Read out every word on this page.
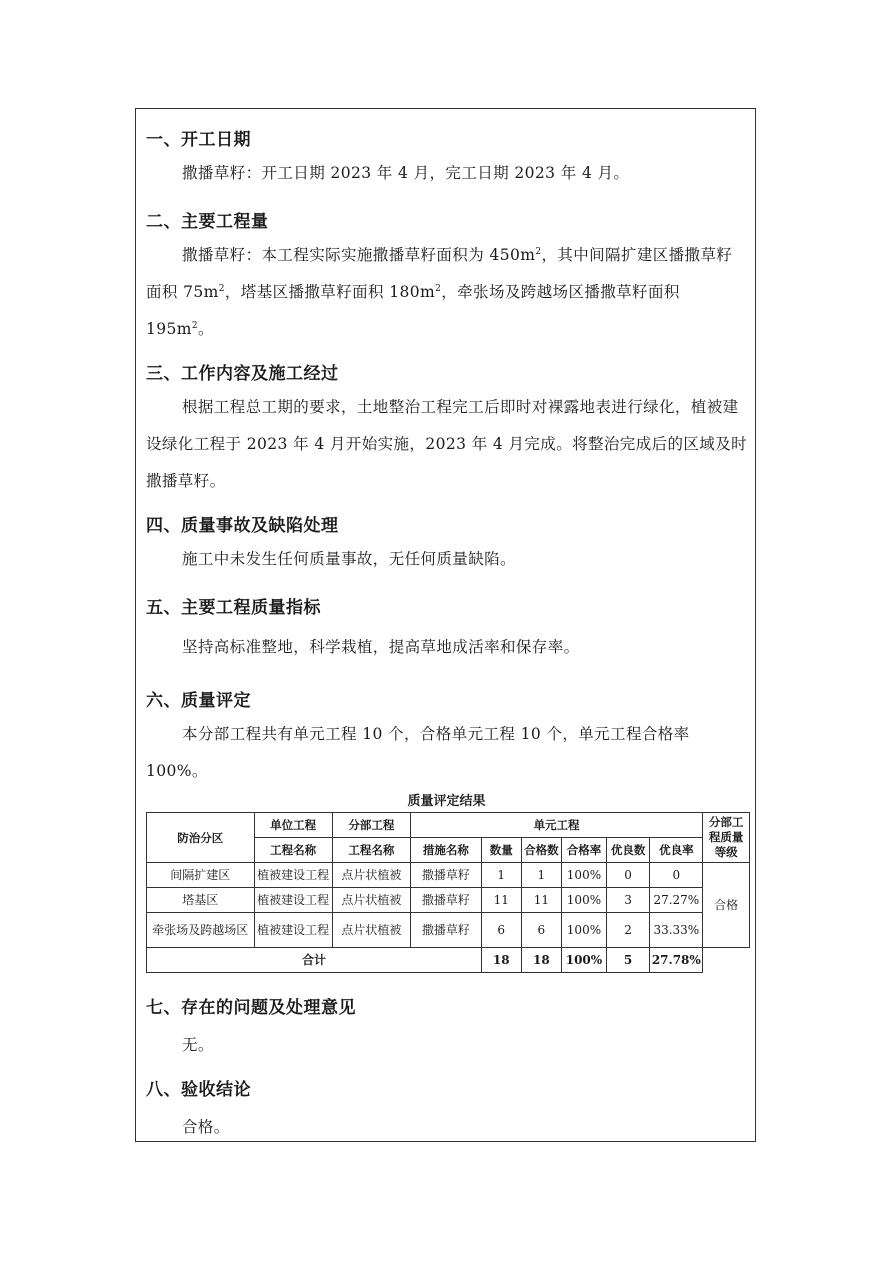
一、开工日期

撒播草籽：开工日期 2023 年 4 月，完工日期 2023 年 4 月。

二、主要工程量

撒播草籽：本工程实际实施撒播草籽面积为 $450m^2$，其中间隔扩建区播撒草籽面积 $75m^2$，塔基区播撒草籽面积 $180m^2$，牵张场及跨越场区播撒草籽面积 $195m^2$。

三、工作内容及施工经过

根据工程总工期的要求，土地整治工程完工后即时对裸露地表进行绿化，植被建设绿化工程于 2023 年 4 月开始实施，2023 年 4 月完成。将整治完成后的区域及时撒播草籽。

四、质量事故及缺陷处理

施工中未发生任何质量事故，无任何质量缺陷。

五、主要工程质量指标

坚持高标准整地，科学栽植，提高草地成活率和保存率。

六、质量评定

本分部工程共有单元工程 10 个，合格单元工程 10 个，单元工程合格率 100%。

质量评定结果
防治分区	单位工程	分部工程	单元工程						分部工程质量等级
	工程名称	工程名称	措施名称	数量	合格数	合格率	优良数	优良率	
间隔扩建区	植被建设工程	点片状植被	撒播草籽	1	1	100%	0	0	合格
塔基区	植被建设工程	点片状植被	撒播草籽	11	11	100%	3	27.27%	
牵张场及跨越场区	植被建设工程	点片状植被	撒播草籽	6	6	100%	2	33.33%	
合计				18	18	100%	5	27.78%	
七、存在的问题及处理意见

无。

八、验收结论

合格。
